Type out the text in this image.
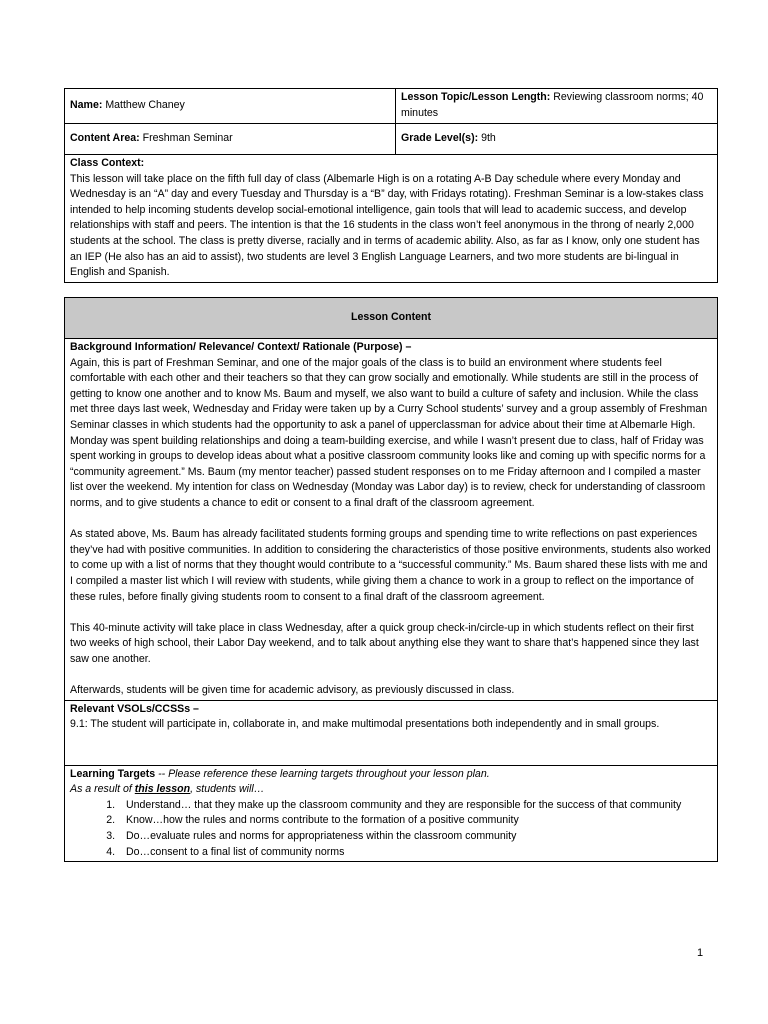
Name: Matthew Chaney	Lesson Topic/Lesson Length: Reviewing classroom norms; 40 minutes
Content Area: Freshman Seminar	Grade Level(s): 9th

Class Context:

This lesson will take place on the fifth full day of class (Albemarle High is on a rotating A-B Day schedule where every Monday and Wednesday is an “A” day and every Tuesday and Thursday is a “B” day, with Fridays rotating). Freshman Seminar is a low-stakes class intended to help incoming students develop social-emotional intelligence, gain tools that will lead to academic success, and develop relationships with staff and peers. The intention is that the 16 students in the class won’t feel anonymous in the throng of nearly 2,000 students at the school. The class is pretty diverse, racially and in terms of academic ability. Also, as far as I know, only one student has an IEP (He also has an aid to assist), two students are level 3 English Language Learners, and two more students are bi-lingual in English and Spanish.	

Lesson Content

Background Information/ Relevance/ Context/ Rationale (Purpose) –

Again, this is part of Freshman Seminar, and one of the major goals of the class is to build an environment where students feel comfortable with each other and their teachers so that they can grow socially and emotionally. While students are still in the process of getting to know one another and to know Ms. Baum and myself, we also want to build a culture of safety and inclusion. While the class met three days last week, Wednesday and Friday were taken up by a Curry School students’ survey and a group assembly of Freshman Seminar classes in which students had the opportunity to ask a panel of upperclassman for advice about their time at Albemarle High. Monday was spent building relationships and doing a team-building exercise, and while I wasn’t present due to class, half of Friday was spent working in groups to develop ideas about what a positive classroom community looks like and coming up with specific norms for a “community agreement.” Ms. Baum (my mentor teacher) passed student responses on to me Friday afternoon and I compiled a master list over the weekend. My intention for class on Wednesday (Monday was Labor day) is to review, check for understanding of classroom norms, and to give students a chance to edit or consent to a final draft of the classroom agreement.

As stated above, Ms. Baum has already facilitated students forming groups and spending time to write reflections on past experiences they’ve had with positive communities. In addition to considering the characteristics of those positive environments, students also worked to come up with a list of norms that they thought would contribute to a “successful community.” Ms. Baum shared these lists with me and I compiled a master list which I will review with students, while giving them a chance to work in a group to reflect on the importance of these rules, before finally giving students room to consent to a final draft of the classroom agreement.

This 40-minute activity will take place in class Wednesday, after a quick group check-in/circle-up in which students reflect on their first two weeks of high school, their Labor Day weekend, and to talk about anything else they want to share that’s happened since they last saw one another.

Afterwards, students will be given time for academic advisory, as previously discussed in class.

Relevant VSOLs/CCSSs –

9.1: The student will participate in, collaborate in, and make multimodal presentations both independently and in small groups.

Learning Targets -- Please reference these learning targets throughout your lesson plan.

As a result of this lesson, students will…

1. Understand… that they make up the classroom community and they are responsible for the success of that community
2. Know…how the rules and norms contribute to the formation of a positive community
3. Do…evaluate rules and norms for appropriateness within the classroom community
4. Do…consent to a final list of community norms
1
